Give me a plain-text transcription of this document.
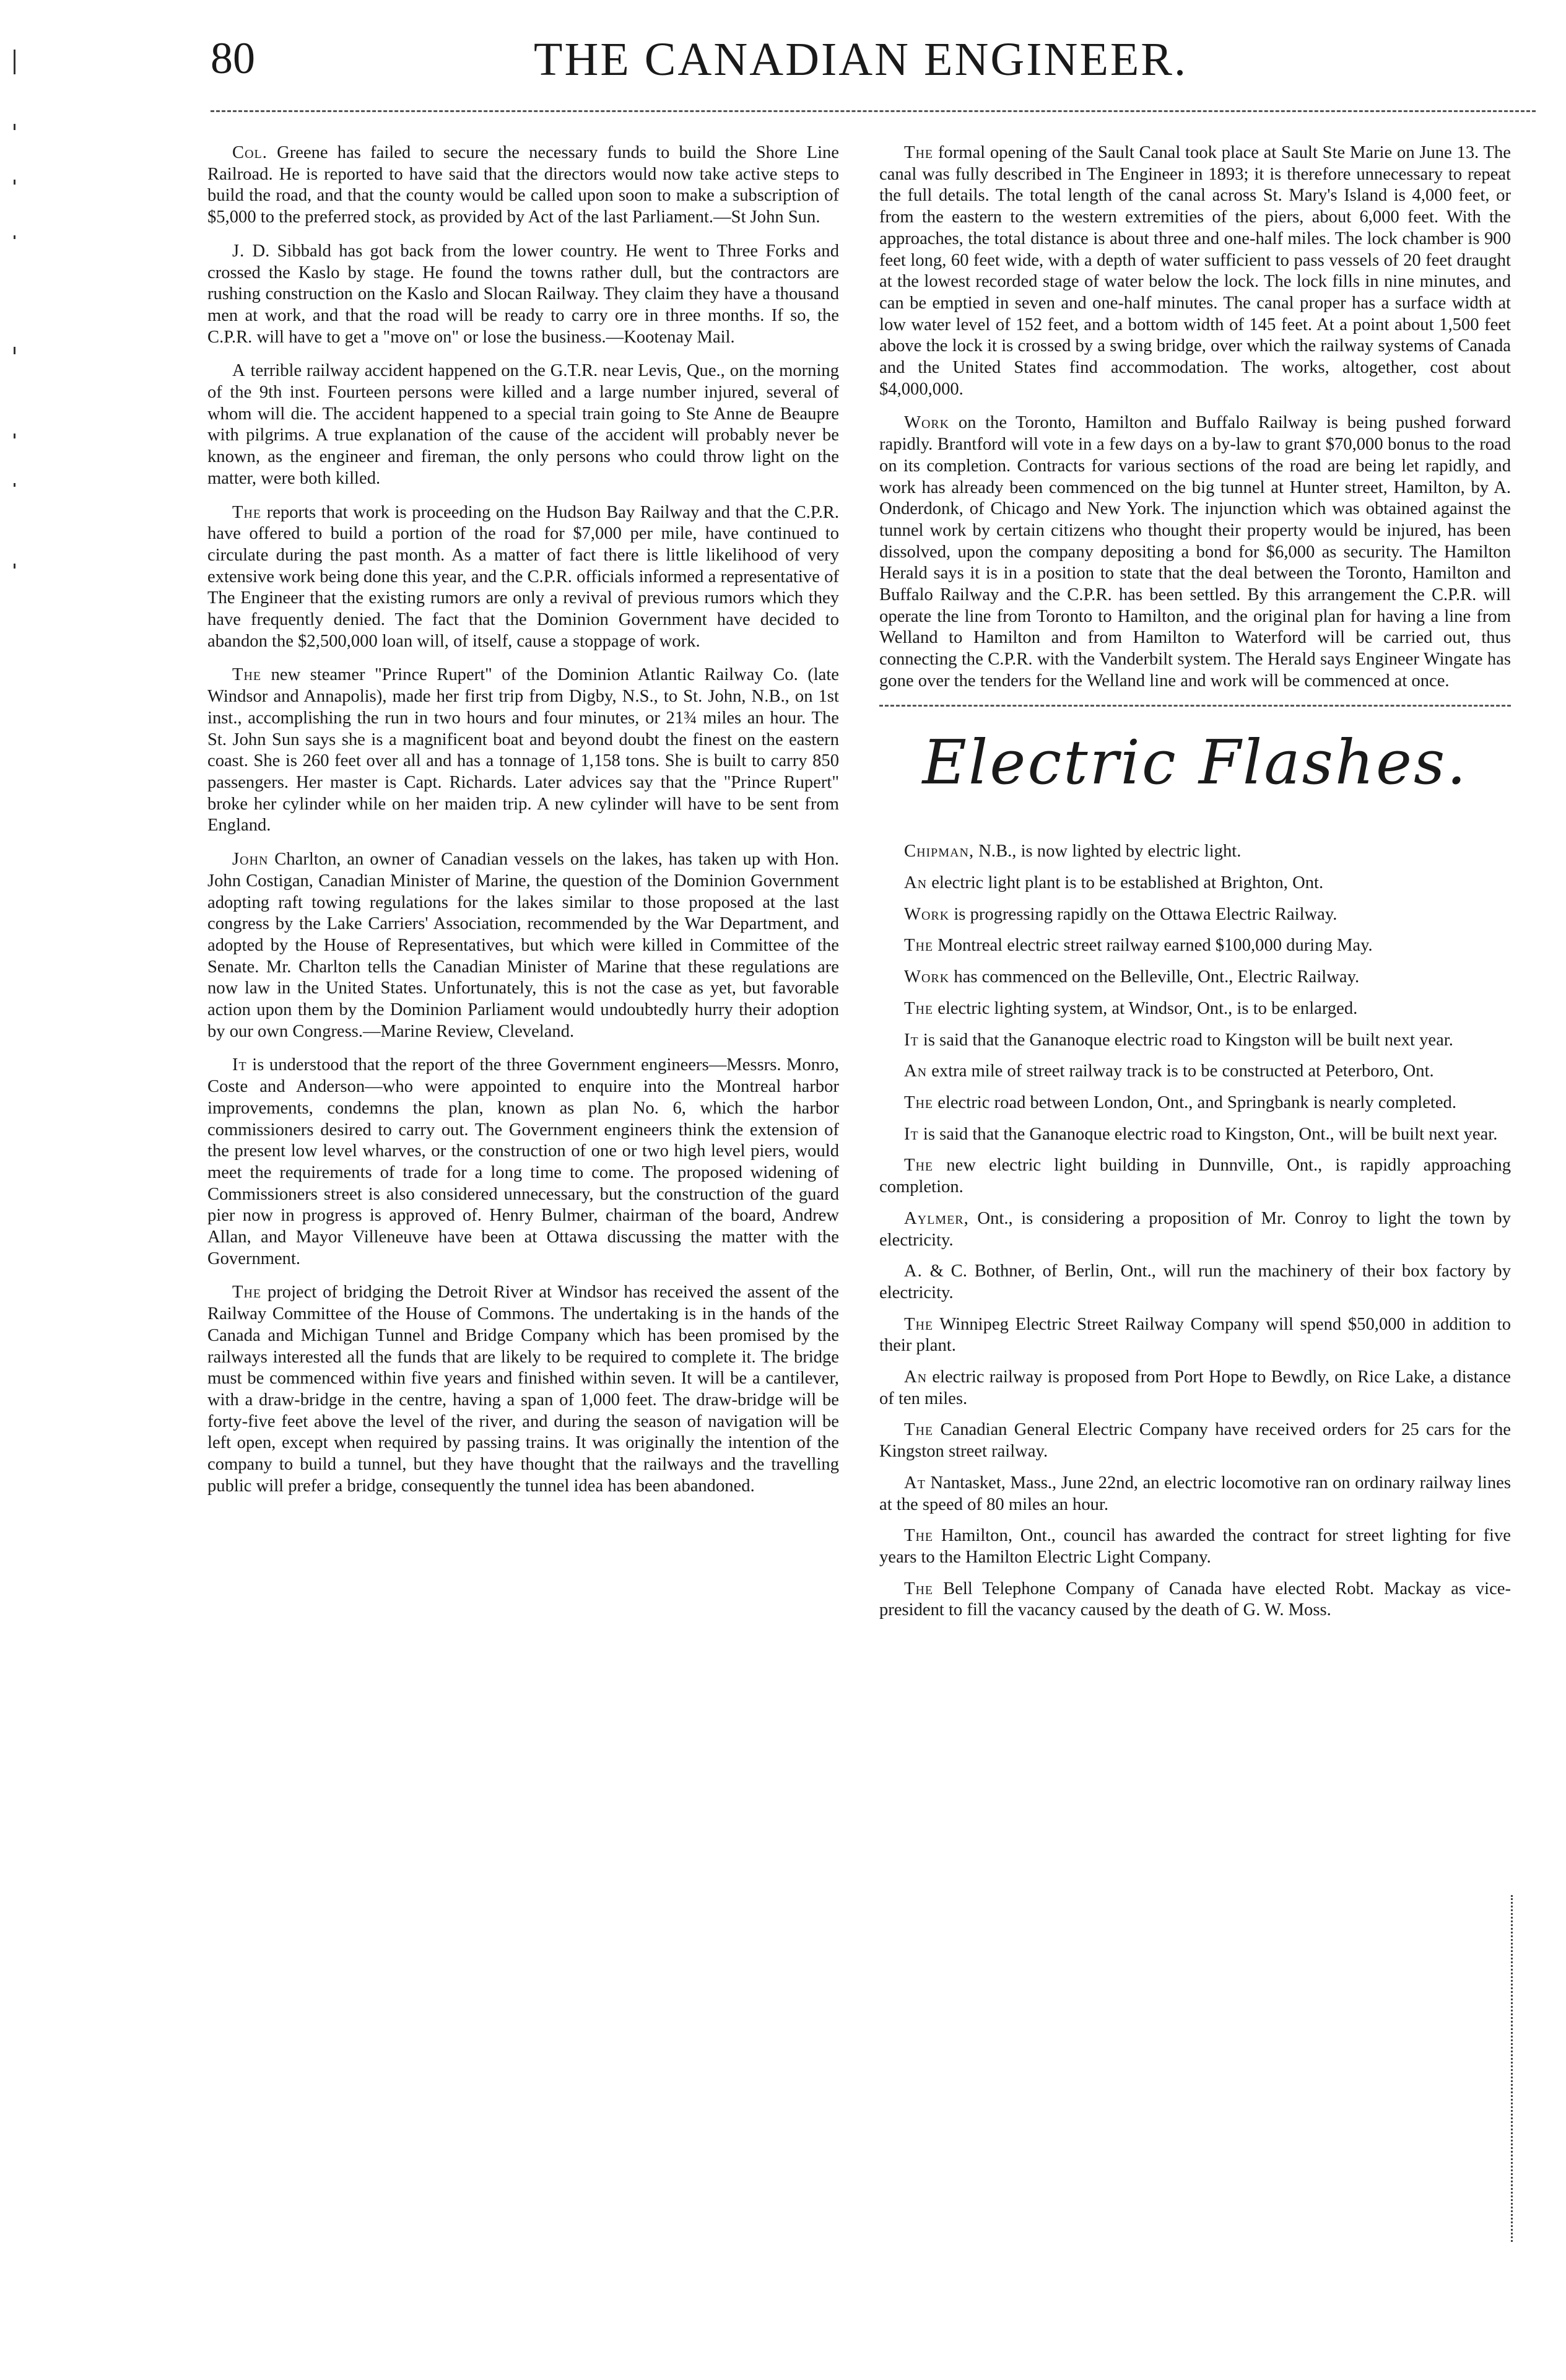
80	THE CANADIAN ENGINEER.

Col. Greene has failed to secure the necessary funds to build the Shore Line Railroad. He is reported to have said that the directors would now take active steps to build the road, and that the county would be called upon soon to make a subscription of $5,000 to the preferred stock, as provided by Act of the last Parliament.—St John Sun.

J. D. Sibbald has got back from the lower country. He went to Three Forks and crossed the Kaslo by stage. He found the towns rather dull, but the contractors are rushing construction on the Kaslo and Slocan Railway. They claim they have a thousand men at work, and that the road will be ready to carry ore in three months. If so, the C.P.R. will have to get a "move on" or lose the business.—Kootenay Mail.

A terrible railway accident happened on the G.T.R. near Levis, Que., on the morning of the 9th inst. Fourteen persons were killed and a large number injured, several of whom will die. The accident happened to a special train going to Ste Anne de Beaupre with pilgrims. A true explanation of the cause of the accident will probably never be known, as the engineer and fireman, the only persons who could throw light on the matter, were both killed.

The reports that work is proceeding on the Hudson Bay Railway and that the C.P.R. have offered to build a portion of the road for $7,000 per mile, have continued to circulate during the past month. As a matter of fact there is little likelihood of very extensive work being done this year, and the C.P.R. officials informed a representative of The Engineer that the existing rumors are only a revival of previous rumors which they have frequently denied. The fact that the Dominion Government have decided to abandon the $2,500,000 loan will, of itself, cause a stoppage of work.

The new steamer "Prince Rupert" of the Dominion Atlantic Railway Co. (late Windsor and Annapolis), made her first trip from Digby, N.S., to St. John, N.B., on 1st inst., accomplishing the run in two hours and four minutes, or 21¾ miles an hour. The St. John Sun says she is a magnificent boat and beyond doubt the finest on the eastern coast. She is 260 feet over all and has a tonnage of 1,158 tons. She is built to carry 850 passengers. Her master is Capt. Richards. Later advices say that the "Prince Rupert" broke her cylinder while on her maiden trip. A new cylinder will have to be sent from England.

John Charlton, an owner of Canadian vessels on the lakes, has taken up with Hon. John Costigan, Canadian Minister of Marine, the question of the Dominion Government adopting raft towing regulations for the lakes similar to those proposed at the last congress by the Lake Carriers' Association, recommended by the War Department, and adopted by the House of Representatives, but which were killed in Committee of the Senate. Mr. Charlton tells the Canadian Minister of Marine that these regulations are now law in the United States. Unfortunately, this is not the case as yet, but favorable action upon them by the Dominion Parliament would undoubtedly hurry their adoption by our own Congress.—Marine Review, Cleveland.

It is understood that the report of the three Government engineers—Messrs. Monro, Coste and Anderson—who were appointed to enquire into the Montreal harbor improvements, condemns the plan, known as plan No. 6, which the harbor commissioners desired to carry out. The Government engineers think the extension of the present low level wharves, or the construction of one or two high level piers, would meet the requirements of trade for a long time to come. The proposed widening of Commissioners street is also considered unnecessary, but the construction of the guard pier now in progress is approved of. Henry Bulmer, chairman of the board, Andrew Allan, and Mayor Villeneuve have been at Ottawa discussing the matter with the Government.

The project of bridging the Detroit River at Windsor has received the assent of the Railway Committee of the House of Commons. The undertaking is in the hands of the Canada and Michigan Tunnel and Bridge Company which has been promised by the railways interested all the funds that are likely to be required to complete it. The bridge must be commenced within five years and finished within seven. It will be a cantilever, with a draw-bridge in the centre, having a span of 1,000 feet. The draw-bridge will be forty-five feet above the level of the river, and during the season of navigation will be left open, except when required by passing trains. It was originally the intention of the company to build a tunnel, but they have thought that the railways and the travelling public will prefer a bridge, consequently the tunnel idea has been abandoned.

The formal opening of the Sault Canal took place at Sault Ste Marie on June 13. The canal was fully described in The Engineer in 1893; it is therefore unnecessary to repeat the full details. The total length of the canal across St. Mary's Island is 4,000 feet, or from the eastern to the western extremities of the piers, about 6,000 feet. With the approaches, the total distance is about three and one-half miles. The lock chamber is 900 feet long, 60 feet wide, with a depth of water sufficient to pass vessels of 20 feet draught at the lowest recorded stage of water below the lock. The lock fills in nine minutes, and can be emptied in seven and one-half minutes. The canal proper has a surface width at low water level of 152 feet, and a bottom width of 145 feet. At a point about 1,500 feet above the lock it is crossed by a swing bridge, over which the railway systems of Canada and the United States find accommodation. The works, altogether, cost about $4,000,000.

Work on the Toronto, Hamilton and Buffalo Railway is being pushed forward rapidly. Brantford will vote in a few days on a by-law to grant $70,000 bonus to the road on its completion. Contracts for various sections of the road are being let rapidly, and work has already been commenced on the big tunnel at Hunter street, Hamilton, by A. Onderdonk, of Chicago and New York. The injunction which was obtained against the tunnel work by certain citizens who thought their property would be injured, has been dissolved, upon the company depositing a bond for $6,000 as security. The Hamilton Herald says it is in a position to state that the deal between the Toronto, Hamilton and Buffalo Railway and the C.P.R. has been settled. By this arrangement the C.P.R. will operate the line from Toronto to Hamilton, and the original plan for having a line from Welland to Hamilton and from Hamilton to Waterford will be carried out, thus connecting the C.P.R. with the Vanderbilt system. The Herald says Engineer Wingate has gone over the tenders for the Welland line and work will be commenced at once.

Electric Flashes.

Chipman, N.B., is now lighted by electric light.

An electric light plant is to be established at Brighton, Ont.

Work is progressing rapidly on the Ottawa Electric Railway.

The Montreal electric street railway earned $100,000 during May.

Work has commenced on the Belleville, Ont., Electric Railway.

The electric lighting system, at Windsor, Ont., is to be enlarged.

It is said that the Gananoque electric road to Kingston will be built next year.

An extra mile of street railway track is to be constructed at Peterboro, Ont.

The electric road between London, Ont., and Springbank is nearly completed.

It is said that the Gananoque electric road to Kingston, Ont., will be built next year.

The new electric light building in Dunnville, Ont., is rapidly approaching completion.

Aylmer, Ont., is considering a proposition of Mr. Conroy to light the town by electricity.

A. & C. Bothner, of Berlin, Ont., will run the machinery of their box factory by electricity.

The Winnipeg Electric Street Railway Company will spend $50,000 in addition to their plant.

An electric railway is proposed from Port Hope to Bewdly, on Rice Lake, a distance of ten miles.

The Canadian General Electric Company have received orders for 25 cars for the Kingston street railway.

At Nantasket, Mass., June 22nd, an electric locomotive ran on ordinary railway lines at the speed of 80 miles an hour.

The Hamilton, Ont., council has awarded the contract for street lighting for five years to the Hamilton Electric Light Company.

The Bell Telephone Company of Canada have elected Robt. Mackay as vice-president to fill the vacancy caused by the death of G. W. Moss.
